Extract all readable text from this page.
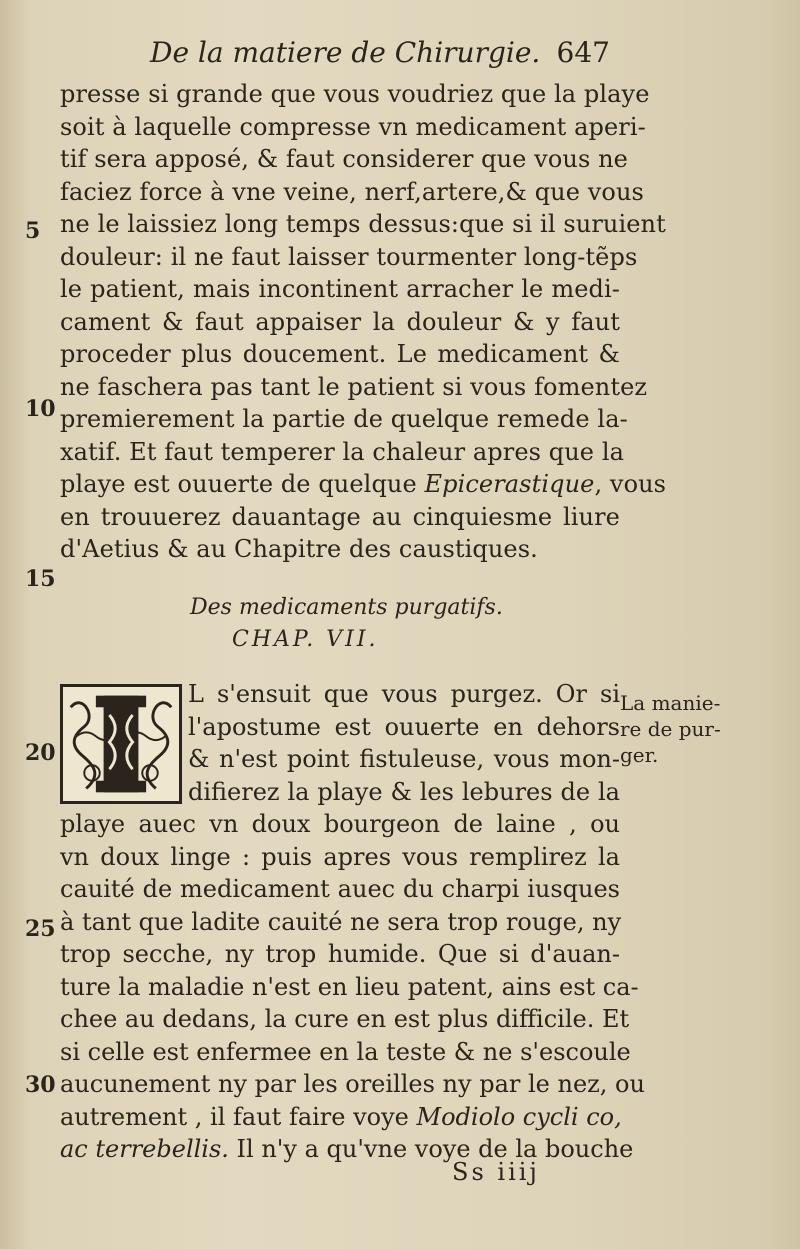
De la matiere de Chirurgie. 647
presse si grande que vous voudriez que la playe
soit à laquelle compresse vn medicament aperi-
tif sera apposé, & faut considerer que vous ne
faciez force à vne veine, nerf,artere,& que vous
ne le laissiez long temps dessus:que si il suruient
douleur: il ne faut laisser tourmenter long-tẽps
le patient, mais incontinent arracher le medi-
cament & faut appaiser la douleur & y faut
proceder plus doucement. Le medicament &
ne faschera pas tant le patient si vous fomentez
premierement la partie de quelque remede la-
xatif. Et faut temperer la chaleur apres que la
playe est ouuerte de quelque Epicerastique, vous
en trouuerez dauantage au cinquiesme liure
d'Aetius & au Chapitre des caustiques.
5
10
15
20
25
30
Des medicaments purgatifs.
CHAP. VII.
L s'ensuit que vous purgez. Or si
l'apostume est ouuerte en dehors
& n'est point fistuleuse, vous mon-
difierez la playe & les lebures de la
playe auec vn doux bourgeon de laine , ou
vn doux linge : puis apres vous remplirez la
cauité de medicament auec du charpi iusques
à tant que ladite cauité ne sera trop rouge, ny
trop secche, ny trop humide. Que si d'auan-
ture la maladie n'est en lieu patent, ains est ca-
chee au dedans, la cure en est plus difficile. Et
si celle est enfermee en la teste & ne s'escoule
aucunement ny par les oreilles ny par le nez, ou
autrement , il faut faire voye Modiolo cycli co,
ac terrebellis. Il n'y a qu'vne voye de la bouche
La manie-
re de pur-
ger.
Ss iiij
